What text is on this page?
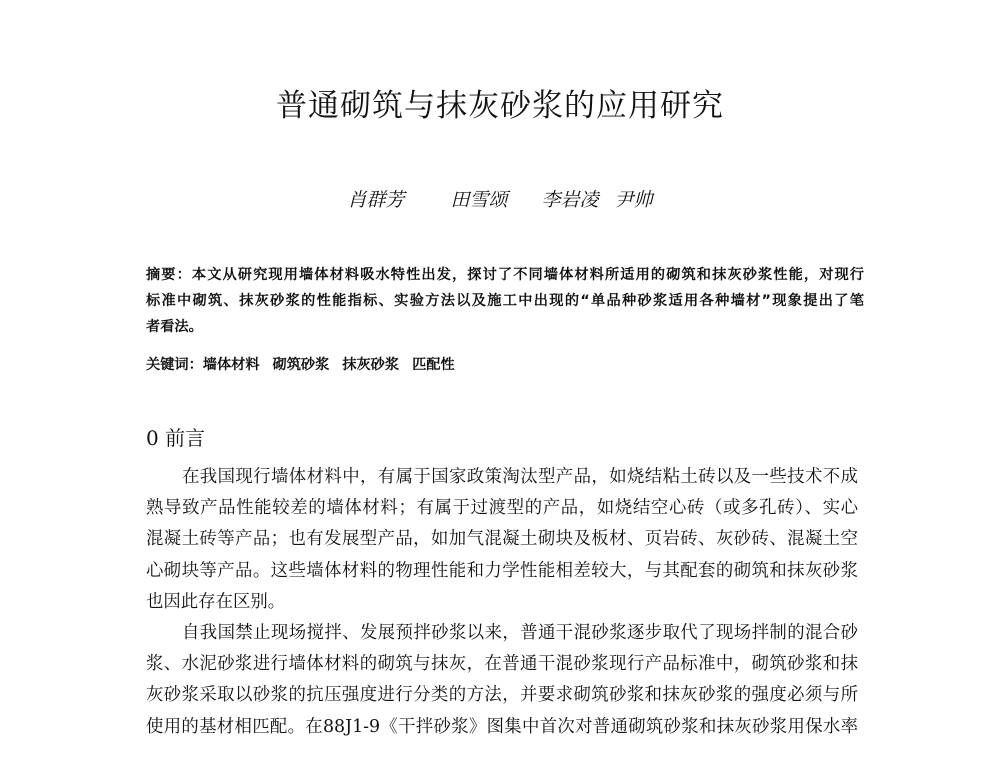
普通砌筑与抹灰砂浆的应用研究
肖群芳 田雪颂 李岩凌 尹帅
摘要：本文从研究现用墙体材料吸水特性出发，探讨了不同墙体材料所适用的砌筑和抹灰砂浆性能，对现行
标准中砌筑、抹灰砂浆的性能指标、实验方法以及施工中出现的“单品种砂浆适用各种墙材”现象提出了笔
者看法。
关键词：墙体材料 砌筑砂浆 抹灰砂浆 匹配性
0 前言
在我国现行墙体材料中，有属于国家政策淘汰型产品，如烧结粘土砖以及一些技术不成
熟导致产品性能较差的墙体材料；有属于过渡型的产品，如烧结空心砖（或多孔砖）、实心
混凝土砖等产品；也有发展型产品，如加气混凝土砌块及板材、页岩砖、灰砂砖、混凝土空
心砌块等产品。这些墙体材料的物理性能和力学性能相差较大，与其配套的砌筑和抹灰砂浆
也因此存在区别。
自我国禁止现场搅拌、发展预拌砂浆以来，普通干混砂浆逐步取代了现场拌制的混合砂
浆、水泥砂浆进行墙体材料的砌筑与抹灰，在普通干混砂浆现行产品标准中，砌筑砂浆和抹
灰砂浆采取以砂浆的抗压强度进行分类的方法，并要求砌筑砂浆和抹灰砂浆的强度必须与所
使用的基材相匹配。在88J1-9《干拌砂浆》图集中首次对普通砌筑砂浆和抹灰砂浆用保水率
